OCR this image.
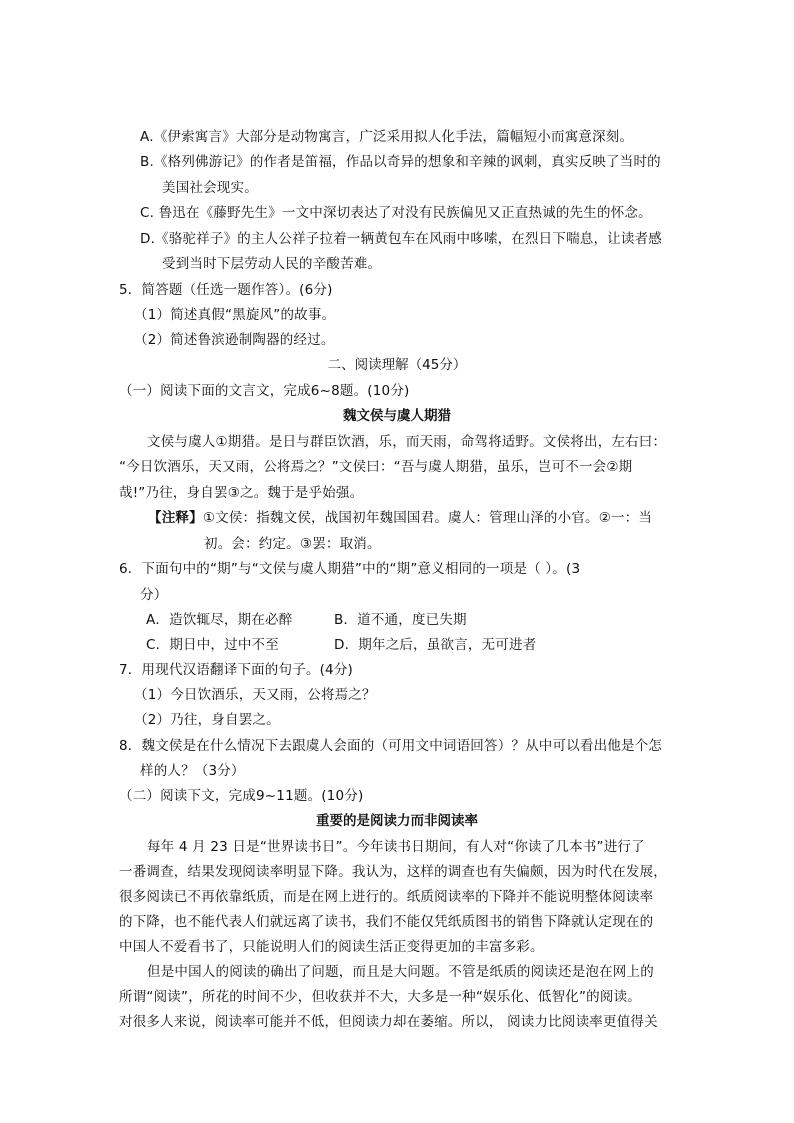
A.《伊索寓言》大部分是动物寓言，广泛采用拟人化手法，篇幅短小而寓意深刻。
B.《格列佛游记》的作者是笛福，作品以奇异的想象和辛辣的讽刺，真实反映了当时的
美国社会现实。
C. 鲁迅在《藤野先生》一文中深切表达了对没有民族偏见又正直热诚的先生的怀念。
D.《骆驼祥子》的主人公祥子拉着一辆黄包车在风雨中哆嗦，在烈日下喘息，让读者感
受到当时下层劳动人民的辛酸苦难。
5．简答题（任选一题作答）。(6分)
（1）简述真假“黑旋风”的故事。
（2）简述鲁滨逊制陶器的经过。
二、阅读理解（45分）
（一）阅读下面的文言文，完成6~8题。(10分)
魏文侯与虞人期猎
文侯与虞人①期猎。是日与群臣饮酒，乐，而天雨，命驾将适野。文侯将出，左右曰：
“今日饮酒乐，天又雨，公将焉之？”文侯曰：“吾与虞人期猎，虽乐，岂可不一会②期
哉!”乃往，身自罢③之。魏于是乎始强。
【注释】①文侯：指魏文侯，战国初年魏国国君。虞人：管理山泽的小官。②一：当
初。会：约定。③罢：取消。
6．下面句中的“期”与“文侯与虞人期猎”中的“期”意义相同的一项是（ ）。(3
分）
A．造饮辄尽，期在必醉	B．道不通，度已失期
C．期日中，过中不至	D．期年之后，虽欲言，无可进者
7．用现代汉语翻译下面的句子。(4分)
（1）今日饮酒乐，天又雨，公将焉之？
（2）乃往，身自罢之。
8．魏文侯是在什么情况下去跟虞人会面的（可用文中词语回答）？从中可以看出他是个怎
样的人？（3分）
（二）阅读下文，完成9~11题。(10分)
重要的是阅读力而非阅读率
每年 4 月 23 日是“世界读书日”。今年读书日期间，有人对“你读了几本书”进行了
一番调查，结果发现阅读率明显下降。我认为，这样的调查也有失偏颇，因为时代在发展，
很多阅读已不再依靠纸质，而是在网上进行的。纸质阅读率的下降并不能说明整体阅读率
的下降，也不能代表人们就远离了读书，我们不能仅凭纸质图书的销售下降就认定现在的
中国人不爱看书了，只能说明人们的阅读生活正变得更加的丰富多彩。
但是中国人的阅读的确出了问题，而且是大问题。不管是纸质的阅读还是泡在网上的
所谓“阅读”，所花的时间不少，但收获并不大，大多是一种“娱乐化、低智化”的阅读。
对很多人来说，阅读率可能并不低，但阅读力却在萎缩。所以， 阅读力比阅读率更值得关
